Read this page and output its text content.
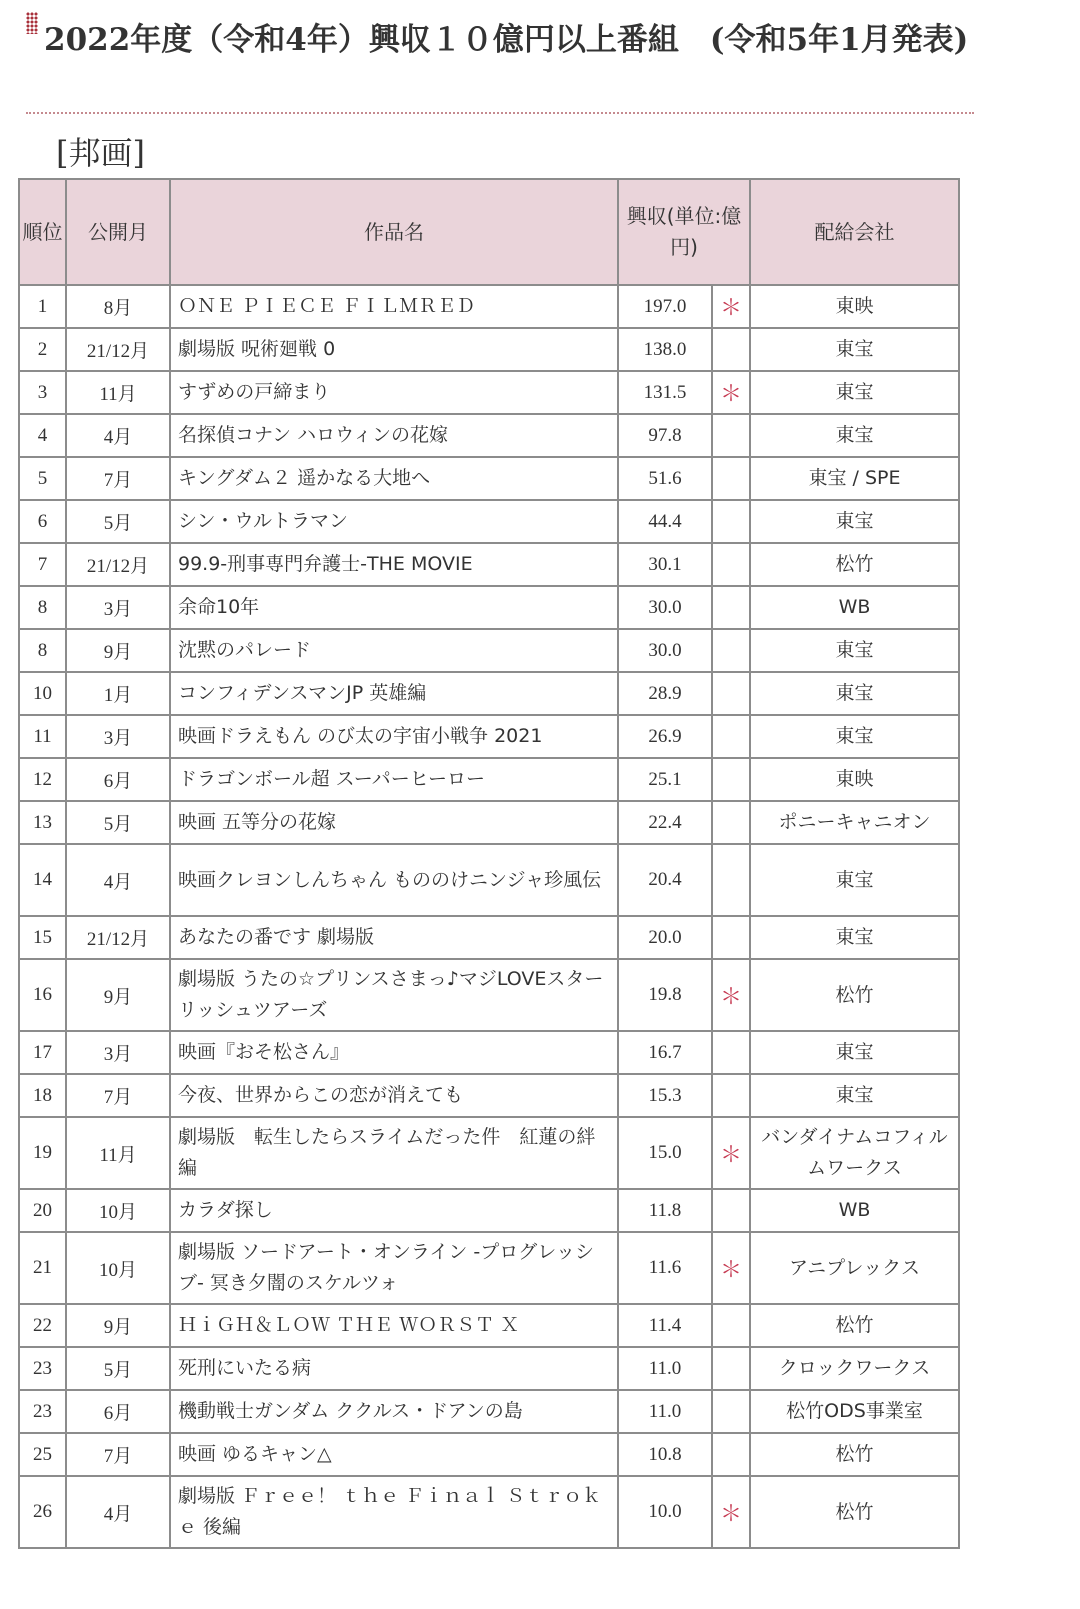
2022年度（令和4年）興収１０億円以上番組　(令和5年1月発表)
[邦画]
順位	公開月	作品名	興収(単位:億円)		配給会社
1	8月	ＯＮＥ ＰＩＥＣＥ ＦＩＬＭＲＥＤ	197.0	＊	東映
2	21/12月	劇場版 呪術廻戦 0	138.0		東宝
3	11月	すずめの戸締まり	131.5	＊	東宝
4	4月	名探偵コナン ハロウィンの花嫁	97.8		東宝
5	7月	キングダム２ 遥かなる大地へ	51.6		東宝 / SPE
6	5月	シン・ウルトラマン	44.4		東宝
7	21/12月	99.9-刑事専門弁護士-THE MOVIE	30.1		松竹
8	3月	余命10年	30.0		WB
8	9月	沈黙のパレード	30.0		東宝
10	1月	コンフィデンスマンJP 英雄編	28.9		東宝
11	3月	映画ドラえもん のび太の宇宙小戦争 2021	26.9		東宝
12	6月	ドラゴンボール超 スーパーヒーロー	25.1		東映
13	5月	映画 五等分の花嫁	22.4		ポニーキャニオン
14	4月	映画クレヨンしんちゃん もののけニンジャ珍風伝	20.4		東宝
15	21/12月	あなたの番です 劇場版	20.0		東宝
16	9月	劇場版 うたの☆プリンスさまっ♪マジLOVEスターリッシュツアーズ	19.8	＊	松竹
17	3月	映画『おそ松さん』	16.7		東宝
18	7月	今夜、世界からこの恋が消えても	15.3		東宝
19	11月	劇場版　転生したらスライムだった件　紅蓮の絆編	15.0	＊	バンダイナムコフィルムワークス
20	10月	カラダ探し	11.8		WB
21	10月	劇場版 ソードアート・オンライン -プログレッシブ- 冥き夕闇のスケルツォ	11.6	＊	アニプレックス
22	9月	ＨｉＧＨ＆ＬＯＷ ＴＨＥ ＷＯＲＳＴ Ｘ	11.4		松竹
23	5月	死刑にいたる病	11.0		クロックワークス
23	6月	機動戦士ガンダム ククルス・ドアンの島	11.0		松竹ODS事業室
25	7月	映画 ゆるキャン△	10.8		松竹
26	4月	劇場版 Ｆｒｅｅ！ ｔｈｅ Ｆｉｎａｌ Ｓｔｒｏｋｅ 後編	10.0	＊	松竹
